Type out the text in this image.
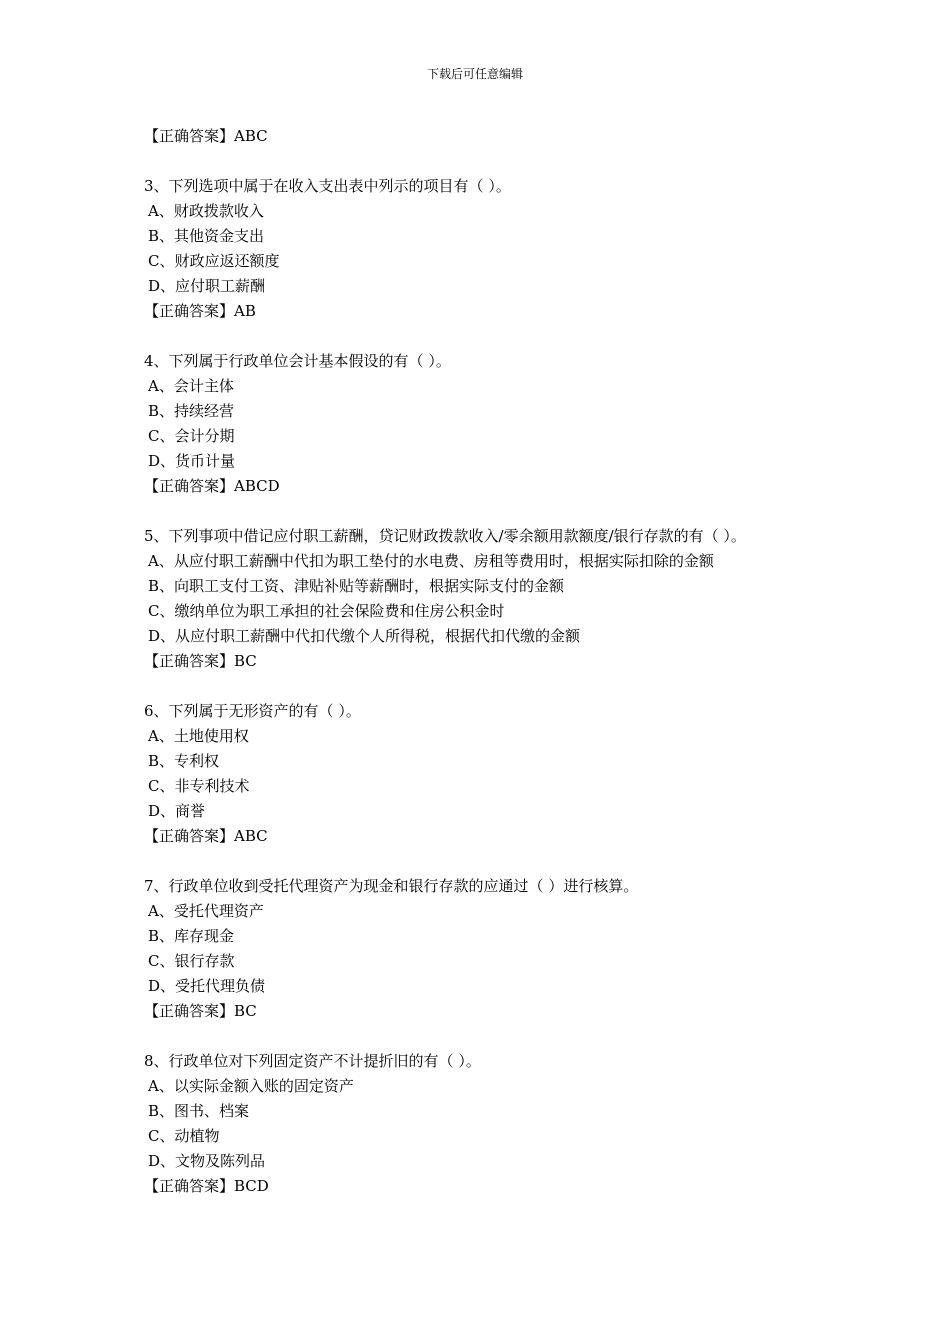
下载后可任意编辑
【正确答案】ABC
3、下列选项中属于在收入支出表中列示的项目有（ ）。
A、财政拨款收入
B、其他资金支出
C、财政应返还额度
D、应付职工薪酬
【正确答案】AB
4、下列属于行政单位会计基本假设的有（ ）。
A、会计主体
B、持续经营
C、会计分期
D、货币计量
【正确答案】ABCD
5、下列事项中借记应付职工薪酬，贷记财政拨款收入/零余额用款额度/银行存款的有（ ）。
A、从应付职工薪酬中代扣为职工垫付的水电费、房租等费用时，根据实际扣除的金额
B、向职工支付工资、津贴补贴等薪酬时，根据实际支付的金额
C、缴纳单位为职工承担的社会保险费和住房公积金时
D、从应付职工薪酬中代扣代缴个人所得税，根据代扣代缴的金额
【正确答案】BC
6、下列属于无形资产的有（ ）。
A、土地使用权
B、专利权
C、非专利技术
D、商誉
【正确答案】ABC
7、行政单位收到受托代理资产为现金和银行存款的应通过（ ）进行核算。
A、受托代理资产
B、库存现金
C、银行存款
D、受托代理负债
【正确答案】BC
8、行政单位对下列固定资产不计提折旧的有（ ）。
A、以实际金额入账的固定资产
B、图书、档案
C、动植物
D、文物及陈列品
【正确答案】BCD
